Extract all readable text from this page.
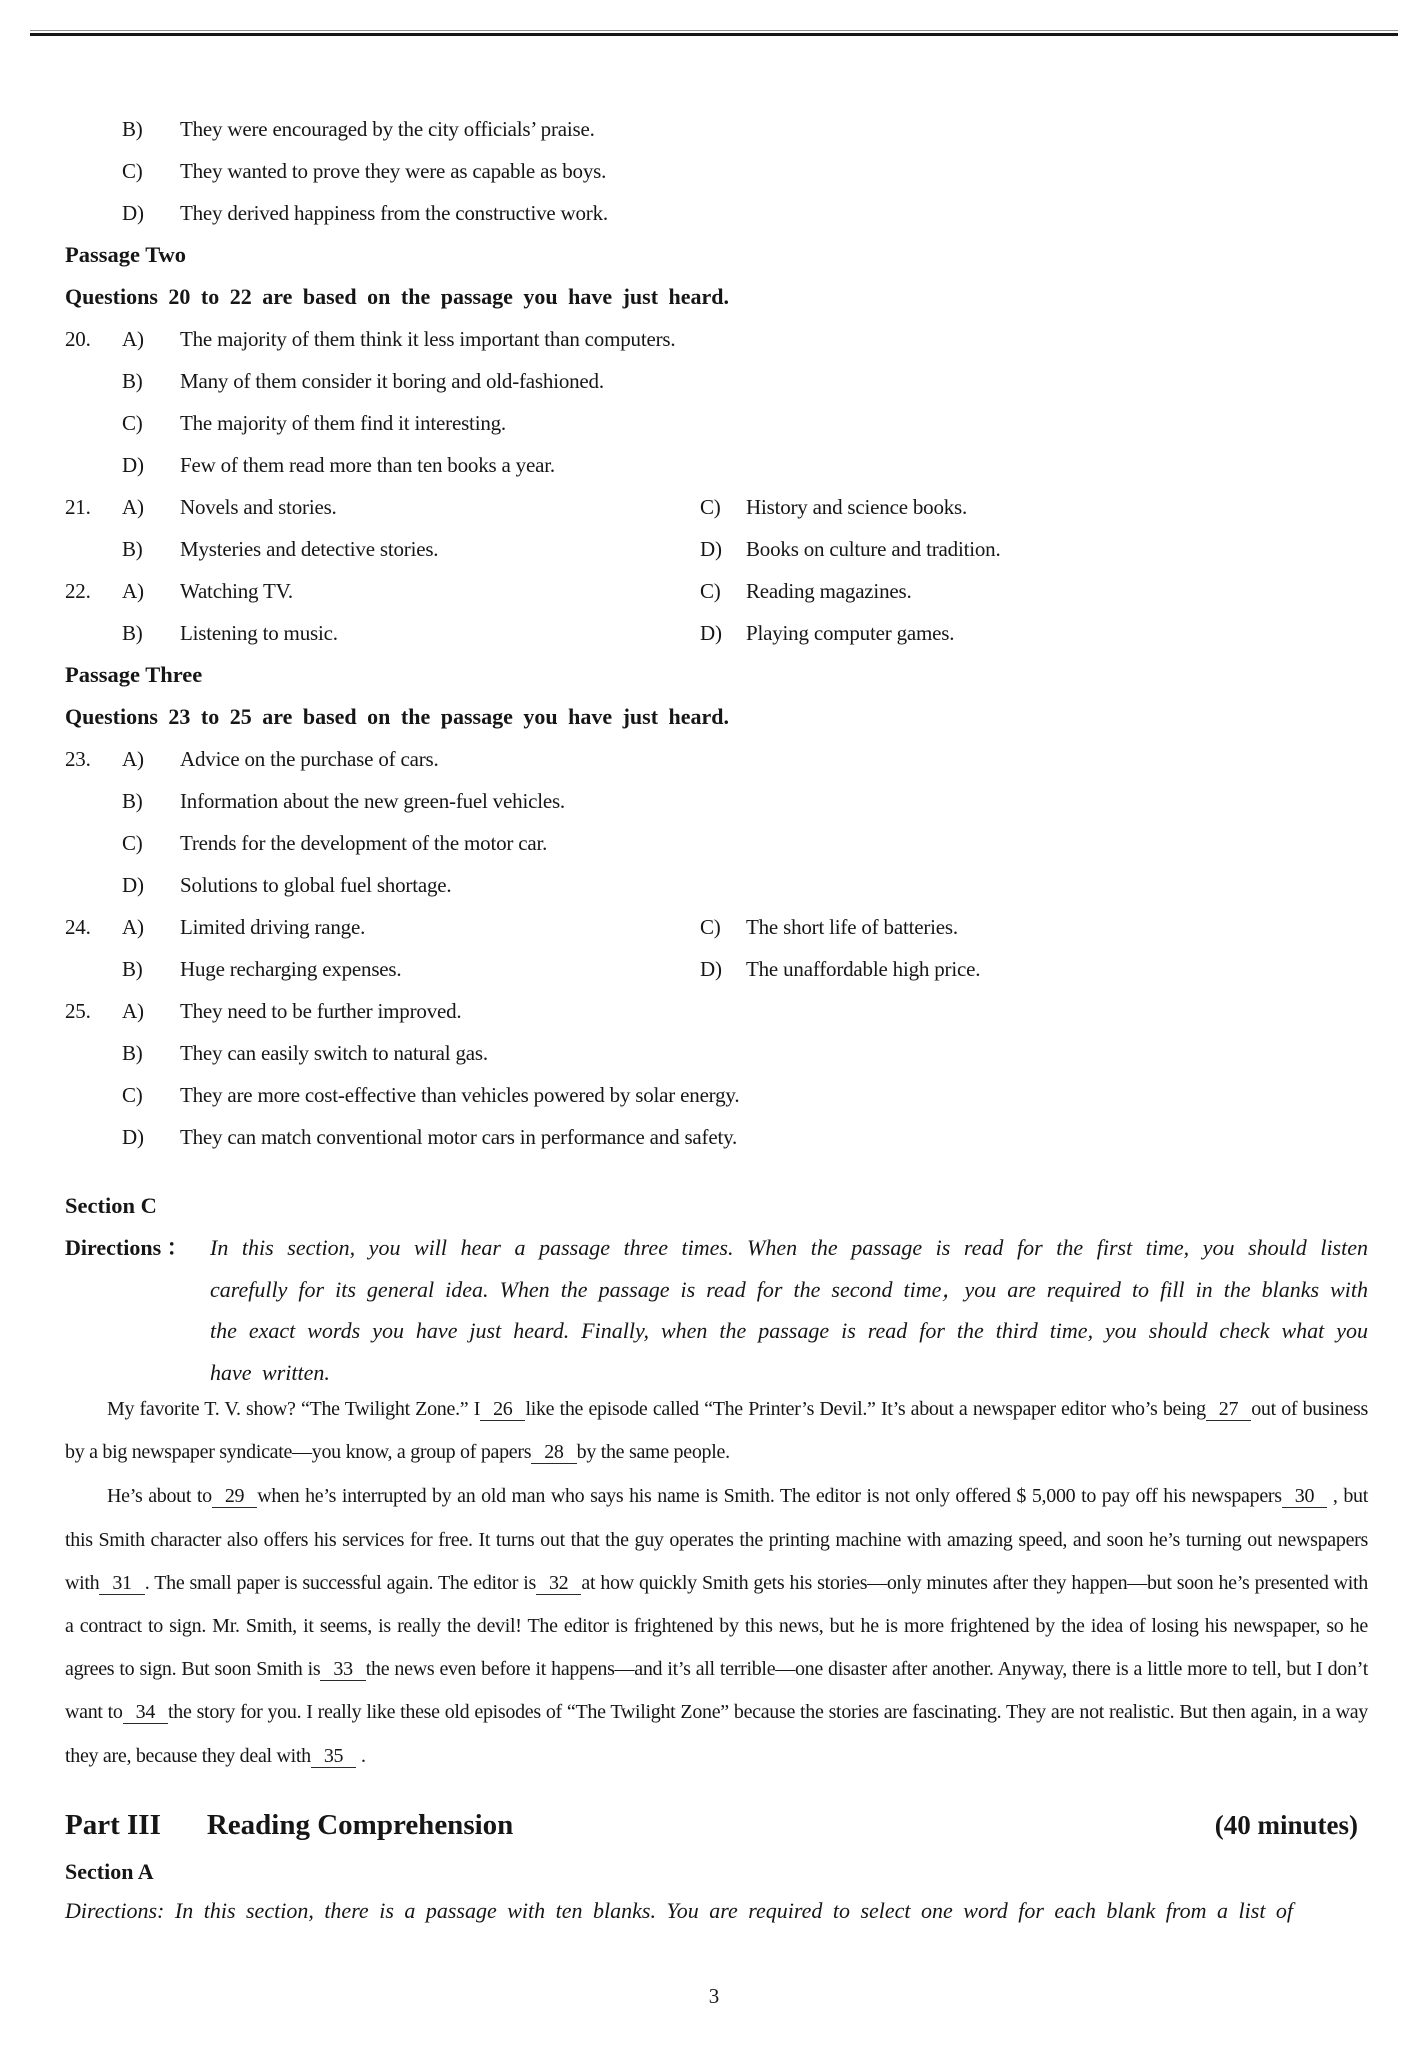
B)	They were encouraged by the city officials’ praise.
C)	They wanted to prove they were as capable as boys.
D)	They derived happiness from the constructive work.
Passage Two
Questions 20 to 22 are based on the passage you have just heard.
20.	A)	The majority of them think it less important than computers.
B)	Many of them consider it boring and old-fashioned.
C)	The majority of them find it interesting.
D)	Few of them read more than ten books a year.
21.	A)	Novels and stories.	C)	History and science books.
B)	Mysteries and detective stories.	D)	Books on culture and tradition.
22.	A)	Watching TV.	C)	Reading magazines.
B)	Listening to music.	D)	Playing computer games.
Passage Three
Questions 23 to 25 are based on the passage you have just heard.
23.	A)	Advice on the purchase of cars.
B)	Information about the new green-fuel vehicles.
C)	Trends for the development of the motor car.
D)	Solutions to global fuel shortage.
24.	A)	Limited driving range.	C)	The short life of batteries.
B)	Huge recharging expenses.	D)	The unaffordable high price.
25.	A)	They need to be further improved.
B)	They can easily switch to natural gas.
C)	They are more cost-effective than vehicles powered by solar energy.
D)	They can match conventional motor cars in performance and safety.
Section C
Directions ： In this section, you will hear a passage three times. When the passage is read for the first time, you should listen carefully for its general idea. When the passage is read for the second time，you are required to fill in the blanks with the exact words you have just heard. Finally, when the passage is read for the third time, you should check what you have written.

My favorite T. V. show? “The Twilight Zone.” I 26 like the episode called “The Printer’s Devil.” It’s about a newspaper editor who’s being 27 out of business by a big newspaper syndicate—you know, a group of papers 28 by the same people.

He’s about to 29 when he’s interrupted by an old man who says his name is Smith. The editor is not only offered $ 5,000 to pay off his newspapers 30 , but this Smith character also offers his services for free. It turns out that the guy operates the printing machine with amazing speed, and soon he’s turning out newspapers with 31 . The small paper is successful again. The editor is 32 at how quickly Smith gets his stories—only minutes after they happen—but soon he’s presented with a contract to sign. Mr. Smith, it seems, is really the devil! The editor is frightened by this news, but he is more frightened by the idea of losing his newspaper, so he agrees to sign. But soon Smith is 33 the news even before it happens—and it’s all terrible—one disaster after another. Anyway, there is a little more to tell, but I don’t want to 34 the story for you. I really like these old episodes of “The Twilight Zone” because the stories are fascinating. They are not realistic. But then again, in a way they are, because they deal with 35 .

Part III Reading Comprehension	(40 minutes)
Section A
Directions: In this section, there is a passage with ten blanks. You are required to select one word for each blank from a list of
3
